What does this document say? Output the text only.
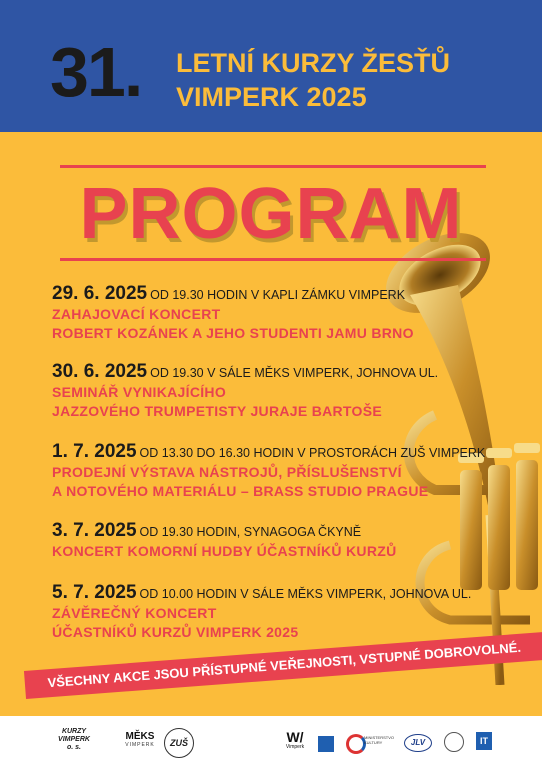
31. LETNÍ KURZY ŽESŤŮ
VIMPERK 2025
PROGRAM
29. 6. 2025 OD 19.30 HODIN V KAPLI ZÁMKU VIMPERK
ZAHAJOVACÍ KONCERT
ROBERT KOZÁNEK A JEHO STUDENTI JAMU BRNO
30. 6. 2025 OD 19.30 V SÁLE MĚKS VIMPERK, JOHNOVA UL.
SEMINÁŘ VYNIKAJÍCÍHO
JAZZOVÉHO TRUMPETISTY JURAJE BARTOŠE
1. 7. 2025 OD 13.30 DO 16.30 HODIN V PROSTORÁCH ZUŠ VIMPERK
PRODEJNÍ VÝSTAVA NÁSTROJŮ, PŘÍSLUŠENSTVÍ
A NOTOVÉHO MATERIÁLU – BRASS STUDIO PRAGUE
3. 7. 2025 OD 19.30 HODIN, SYNAGOGA ČKYNĚ
KONCERT KOMORNÍ HUDBY ÚČASTNÍKŮ KURZŮ
5. 7. 2025 OD 10.00 HODIN V SÁLE MĚKS VIMPERK, JOHNOVA UL.
ZÁVĚREČNÝ KONCERT
ÚČASTNÍKŮ KURZŮ VIMPERK 2025
VŠECHNY AKCE JSOU PŘÍSTUPNÉ VEŘEJNOSTI, VSTUPNÉ DOBROVOLNÉ.
KURZY
VIMPERK
o. s.
MĚKS
VIMPERK	ZUŠ	W/
Vimperk
MINISTERSTVO
KULTURY	JLV	IT
